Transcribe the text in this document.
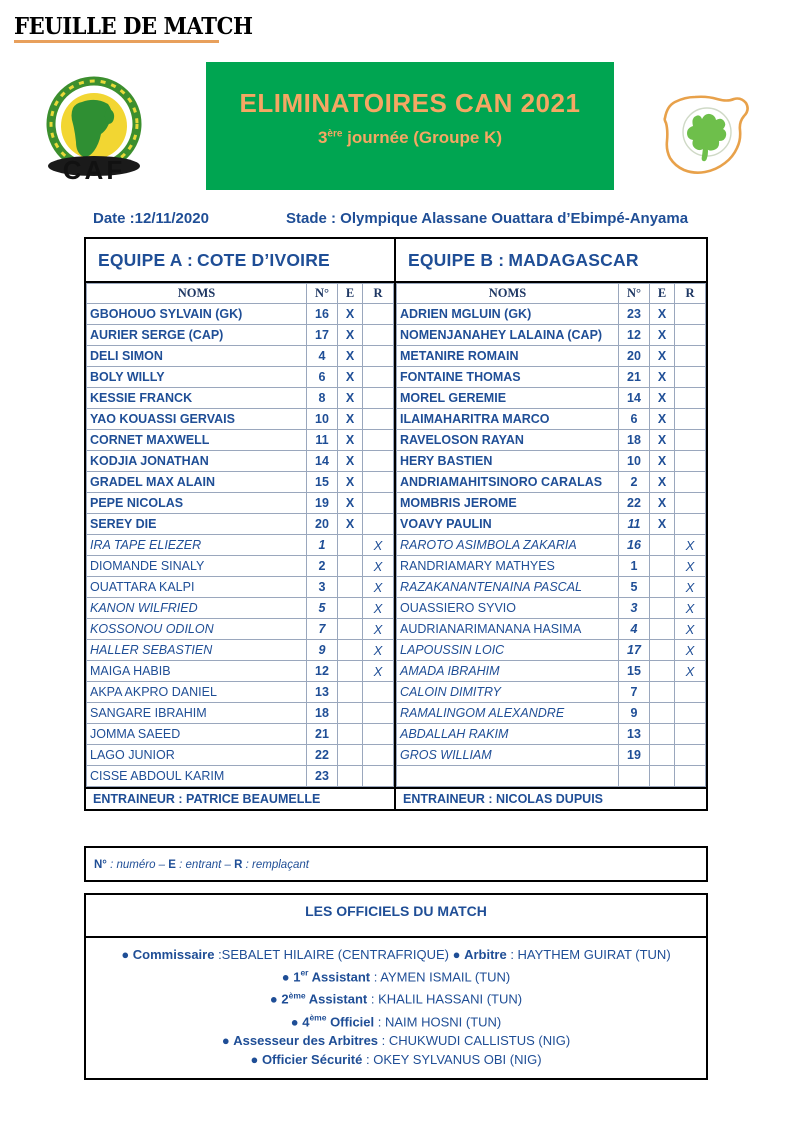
FEUILLE DE MATCH
CAF
ELIMINATOIRES CAN 2021
3ère journée (Groupe K)
Date :12/11/2020	Stade : Olympique Alassane Ouattara d’Ebimpé-Anyama
EQUIPE A : COTE D’IVOIRE
NOMS	N°	E	R
GBOHOUO SYLVAIN (GK)	16	X	
AURIER SERGE (CAP)	17	X	
DELI SIMON	4	X	
BOLY WILLY	6	X	
KESSIE FRANCK	8	X	
YAO KOUASSI GERVAIS	10	X	
CORNET MAXWELL	11	X	
KODJIA JONATHAN	14	X	
GRADEL MAX ALAIN	15	X	
PEPE NICOLAS	19	X	
SEREY DIE	20	X	
IRA TAPE ELIEZER	1		X
DIOMANDE SINALY	2		X
OUATTARA KALPI	3		X
KANON WILFRIED	5		X
KOSSONOU ODILON	7		X
HALLER SEBASTIEN	9		X
MAIGA HABIB	12		X
AKPA AKPRO DANIEL	13		
SANGARE IBRAHIM	18		
JOMMA SAEED	21		
LAGO JUNIOR	22		
CISSE ABDOUL KARIM	23		
ENTRAINEUR : PATRICE BEAUMELLE
EQUIPE B : MADAGASCAR
NOMS	N°	E	R
ADRIEN MGLUIN (GK)	23	X	
NOMENJANAHEY LALAINA (CAP)	12	X	
METANIRE ROMAIN	20	X	
FONTAINE THOMAS	21	X	
MOREL GEREMIE	14	X	
ILAIMAHARITRA MARCO	6	X	
RAVELOSON RAYAN	18	X	
HERY BASTIEN	10	X	
ANDRIAMAHITSINORO CARALAS	2	X	
MOMBRIS JEROME	22	X	
VOAVY PAULIN	11	X	
RAROTO ASIMBOLA ZAKARIA	16		X
RANDRIAMARY MATHYES	1		X
RAZAKANANTENAINA PASCAL	5		X
OUASSIERO SYVIO	3		X
AUDRIANARIMANANA HASIMA	4		X
LAPOUSSIN LOIC	17		X
AMADA IBRAHIM	15		X
CALOIN DIMITRY	7		
RAMALINGOM ALEXANDRE	9		
ABDALLAH RAKIM	13		
GROS WILLIAM	19		

ENTRAINEUR : NICOLAS DUPUIS
N° : numéro – E : entrant – R : remplaçant
LES OFFICIELS DU MATCH
● Commissaire :SEBALET HILAIRE (CENTRAFRIQUE) ● Arbitre : HAYTHEM GUIRAT (TUN)
● 1er Assistant : AYMEN ISMAIL (TUN)
● 2ème Assistant : KHALIL HASSANI (TUN)
● 4ème Officiel : NAIM HOSNI (TUN)
● Assesseur des Arbitres : CHUKWUDI CALLISTUS (NIG)
● Officier Sécurité : OKEY SYLVANUS OBI (NIG)
